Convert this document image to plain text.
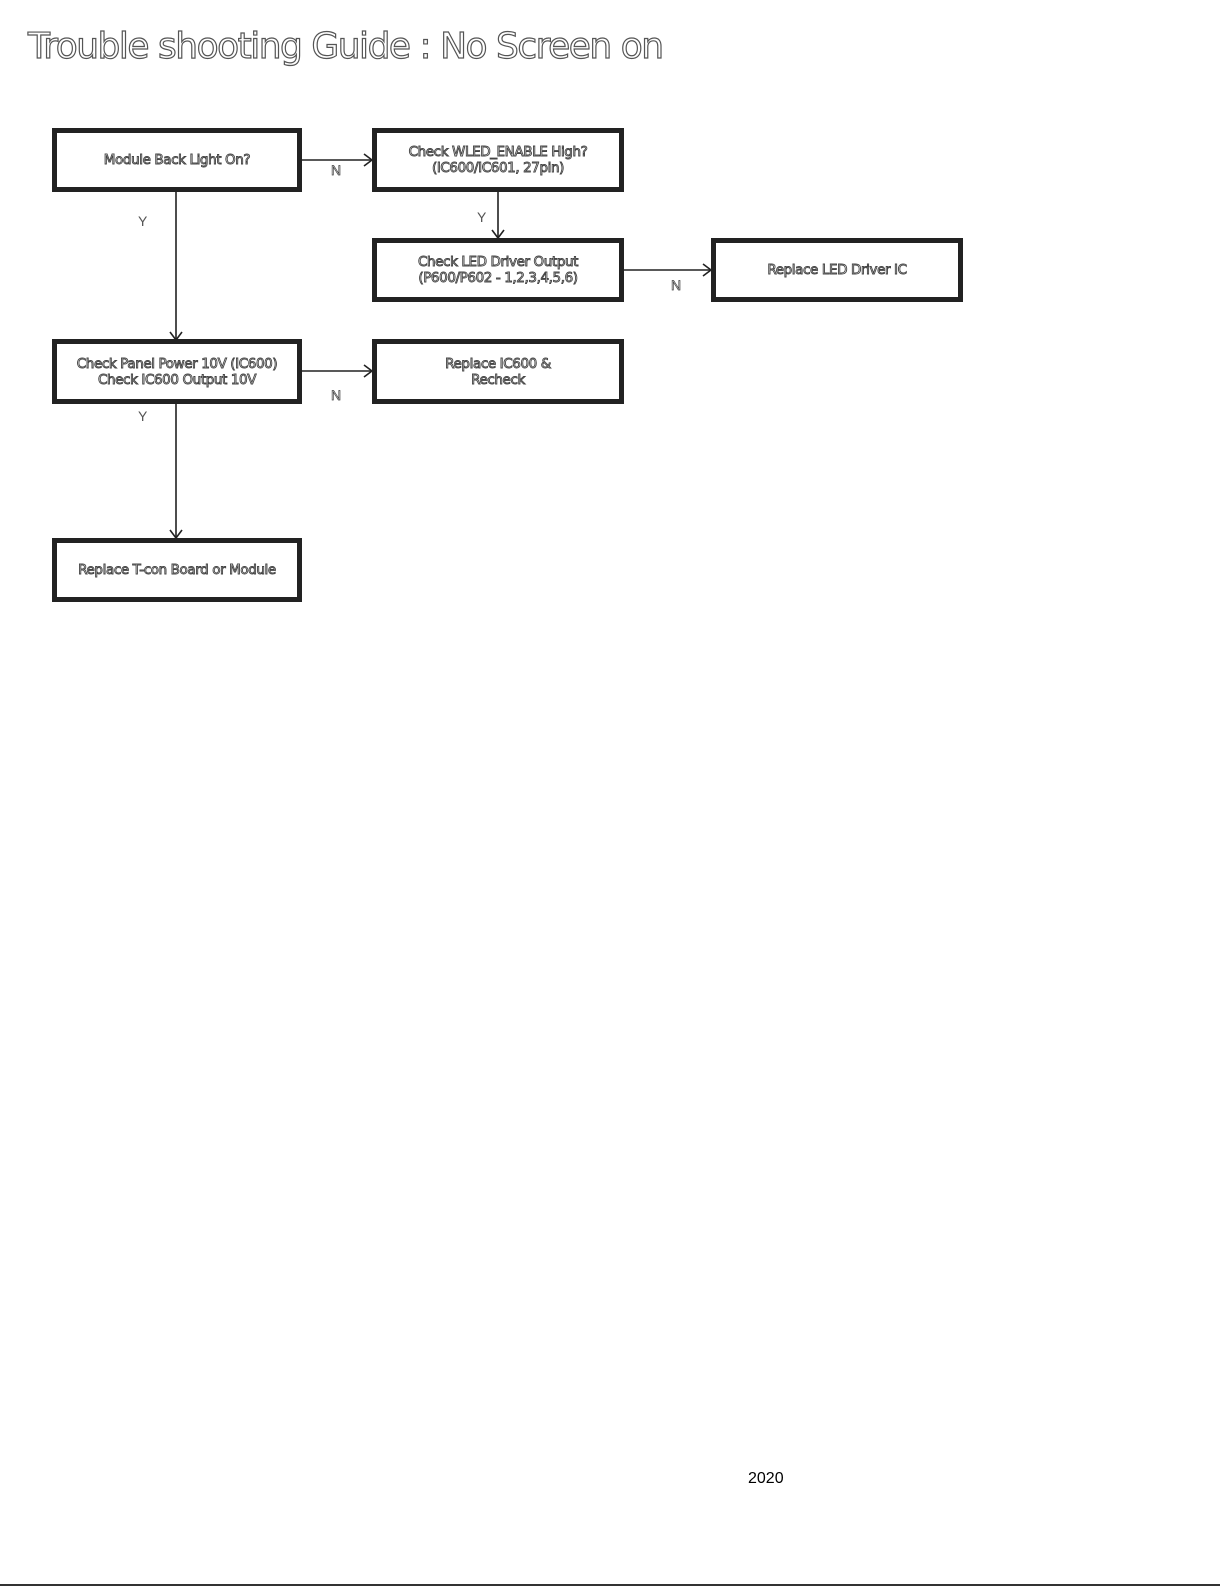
Trouble shooting Guide : No Screen on
Module Back Light On?	Check WLED_ENABLE High?
(IC600/IC601, 27pin)
Check LED Driver Output
(P600/P602 - 1,2,3,4,5,6)	Replace LED Driver IC
Check Panel Power 10V (IC600)
Check IC600 Output 10V
Replace IC600 &
Recheck
Replace T-con Board or Module
N
Y	Y
N
N
Y
2020
